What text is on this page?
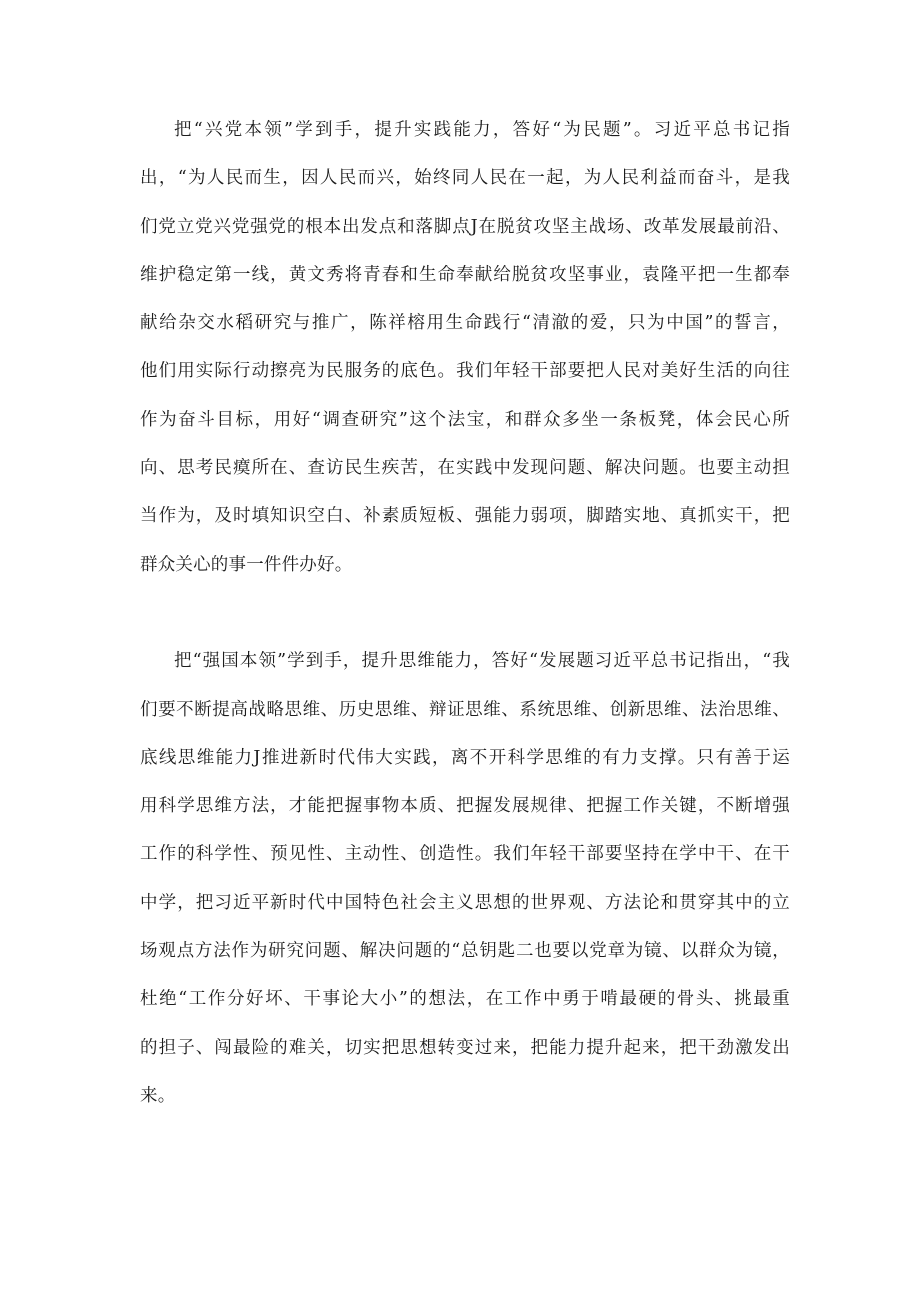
把“兴党本领”学到手，提升实践能力，答好“为民题”。习近平总书记指
出，“为人民而生，因人民而兴，始终同人民在一起，为人民利益而奋斗，是我
们党立党兴党强党的根本出发点和落脚点J在脱贫攻坚主战场、改革发展最前沿、
维护稳定第一线，黄文秀将青春和生命奉献给脱贫攻坚事业，袁隆平把一生都奉
献给杂交水稻研究与推广，陈祥榕用生命践行“清澈的爱，只为中国”的誓言，
他们用实际行动擦亮为民服务的底色。我们年轻干部要把人民对美好生活的向往
作为奋斗目标，用好“调查研究”这个法宝，和群众多坐一条板凳，体会民心所
向、思考民瘼所在、查访民生疾苦，在实践中发现问题、解决问题。也要主动担
当作为，及时填知识空白、补素质短板、强能力弱项，脚踏实地、真抓实干，把
群众关心的事一件件办好。
把“强国本领”学到手，提升思维能力，答好“发展题习近平总书记指出，“我
们要不断提高战略思维、历史思维、辩证思维、系统思维、创新思维、法治思维、
底线思维能力J推进新时代伟大实践，离不开科学思维的有力支撑。只有善于运
用科学思维方法，才能把握事物本质、把握发展规律、把握工作关键，不断增强
工作的科学性、预见性、主动性、创造性。我们年轻干部要坚持在学中干、在干
中学，把习近平新时代中国特色社会主义思想的世界观、方法论和贯穿其中的立
场观点方法作为研究问题、解决问题的“总钥匙二也要以党章为镜、以群众为镜，
杜绝“工作分好坏、干事论大小”的想法，在工作中勇于啃最硬的骨头、挑最重
的担子、闯最险的难关，切实把思想转变过来，把能力提升起来，把干劲激发出
来。
